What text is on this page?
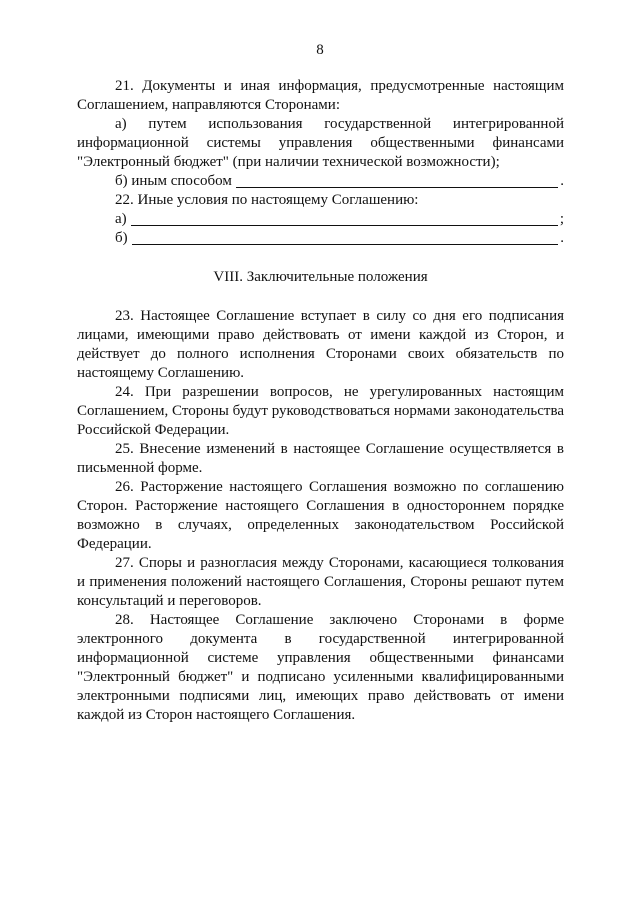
8

21. Документы и иная информация, предусмотренные настоящим Соглашением, направляются Сторонами:

а) путем использования государственной интегрированной информационной системы управления общественными финансами "Электронный бюджет" (при наличии технической возможности);

б) иным способом	.

22. Иные условия по настоящему Соглашению:

а)	;
б)	.

VIII. Заключительные положения

23. Настоящее Соглашение вступает в силу со дня его подписания лицами, имеющими право действовать от имени каждой из Сторон, и действует до полного исполнения Сторонами своих обязательств по настоящему Соглашению.

24. При разрешении вопросов, не урегулированных настоящим Соглашением, Стороны будут руководствоваться нормами законодательства Российской Федерации.

25. Внесение изменений в настоящее Соглашение осуществляется в письменной форме.

26. Расторжение настоящего Соглашения возможно по соглашению Сторон. Расторжение настоящего Соглашения в одностороннем порядке возможно в случаях, определенных законодательством Российской Федерации.

27. Споры и разногласия между Сторонами, касающиеся толкования и применения положений настоящего Соглашения, Стороны решают путем консультаций и переговоров.

28. Настоящее Соглашение заключено Сторонами в форме электронного документа в государственной интегрированной информационной системе управления общественными финансами "Электронный бюджет" и подписано усиленными квалифицированными электронными подписями лиц, имеющих право действовать от имени каждой из Сторон настоящего Соглашения.
